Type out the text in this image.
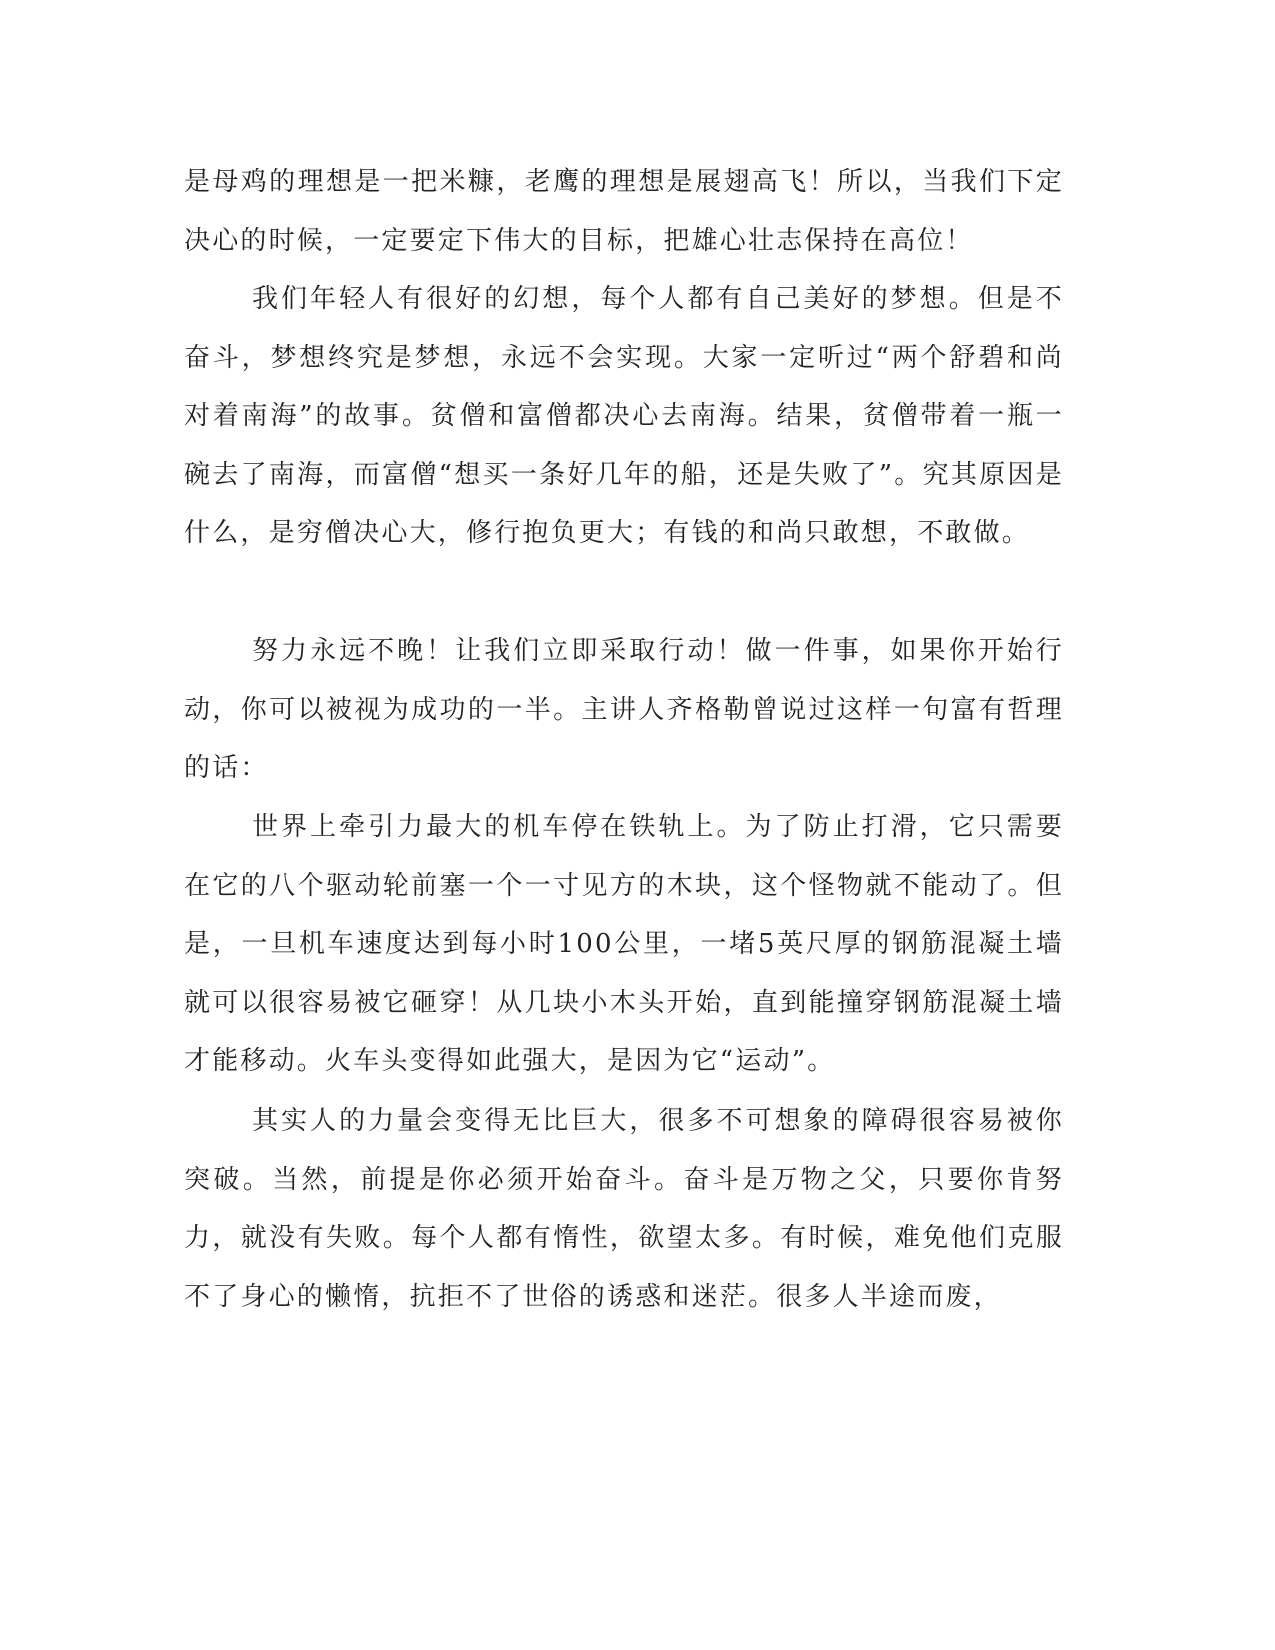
是母鸡的理想是一把米糠，老鹰的理想是展翅高飞！所以，当我们下定决心的时候，一定要定下伟大的目标，把雄心壮志保持在高位！

我们年轻人有很好的幻想，每个人都有自己美好的梦想。但是不奋斗，梦想终究是梦想，永远不会实现。大家一定听过“两个舒碧和尚对着南海”的故事。贫僧和富僧都决心去南海。结果，贫僧带着一瓶一碗去了南海，而富僧“想买一条好几年的船，还是失败了”。究其原因是什么，是穷僧决心大，修行抱负更大；有钱的和尚只敢想，不敢做。

努力永远不晚！让我们立即采取行动！做一件事，如果你开始行动，你可以被视为成功的一半。主讲人齐格勒曾说过这样一句富有哲理的话：

世界上牵引力最大的机车停在铁轨上。为了防止打滑，它只需要在它的八个驱动轮前塞一个一寸见方的木块，这个怪物就不能动了。但是，一旦机车速度达到每小时100公里，一堵5英尺厚的钢筋混凝土墙就可以很容易被它砸穿！从几块小木头开始，直到能撞穿钢筋混凝土墙才能移动。火车头变得如此强大，是因为它“运动”。

其实人的力量会变得无比巨大，很多不可想象的障碍很容易被你突破。当然，前提是你必须开始奋斗。奋斗是万物之父，只要你肯努力，就没有失败。每个人都有惰性，欲望太多。有时候，难免他们克服不了身心的懒惰，抗拒不了世俗的诱惑和迷茫。很多人半途而废，
